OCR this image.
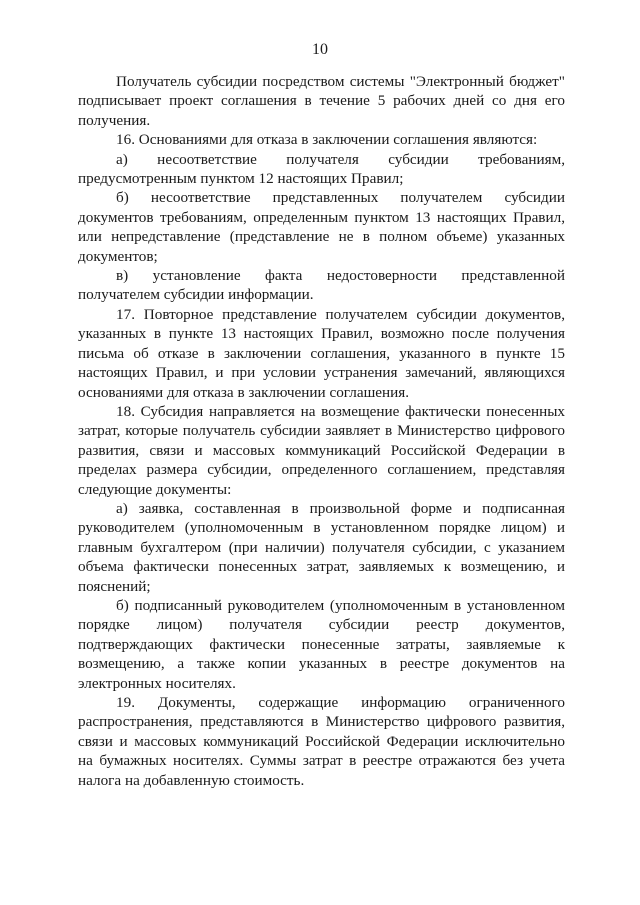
10

Получатель субсидии посредством системы "Электронный бюджет" подписывает проект соглашения в течение 5 рабочих дней со дня его получения.

16. Основаниями для отказа в заключении соглашения являются:

а) несоответствие получателя субсидии требованиям, предусмотренным пунктом 12 настоящих Правил;

б) несоответствие представленных получателем субсидии документов требованиям, определенным пунктом 13 настоящих Правил, или непредставление (представление не в полном объеме) указанных документов;

в) установление факта недостоверности представленной получателем субсидии информации.

17. Повторное представление получателем субсидии документов, указанных в пункте 13 настоящих Правил, возможно после получения письма об отказе в заключении соглашения, указанного в пункте 15 настоящих Правил, и при условии устранения замечаний, являющихся основаниями для отказа в заключении соглашения.

18. Субсидия направляется на возмещение фактически понесенных затрат, которые получатель субсидии заявляет в Министерство цифрового развития, связи и массовых коммуникаций Российской Федерации в пределах размера субсидии, определенного соглашением, представляя следующие документы:

а) заявка, составленная в произвольной форме и подписанная руководителем (уполномоченным в установленном порядке лицом) и главным бухгалтером (при наличии) получателя субсидии, с указанием объема фактически понесенных затрат, заявляемых к возмещению, и пояснений;

б) подписанный руководителем (уполномоченным в установленном порядке лицом) получателя субсидии реестр документов, подтверждающих фактически понесенные затраты, заявляемые к возмещению, а также копии указанных в реестре документов на электронных носителях.

19. Документы, содержащие информацию ограниченного распространения, представляются в Министерство цифрового развития, связи и массовых коммуникаций Российской Федерации исключительно на бумажных носителях. Суммы затрат в реестре отражаются без учета налога на добавленную стоимость.
